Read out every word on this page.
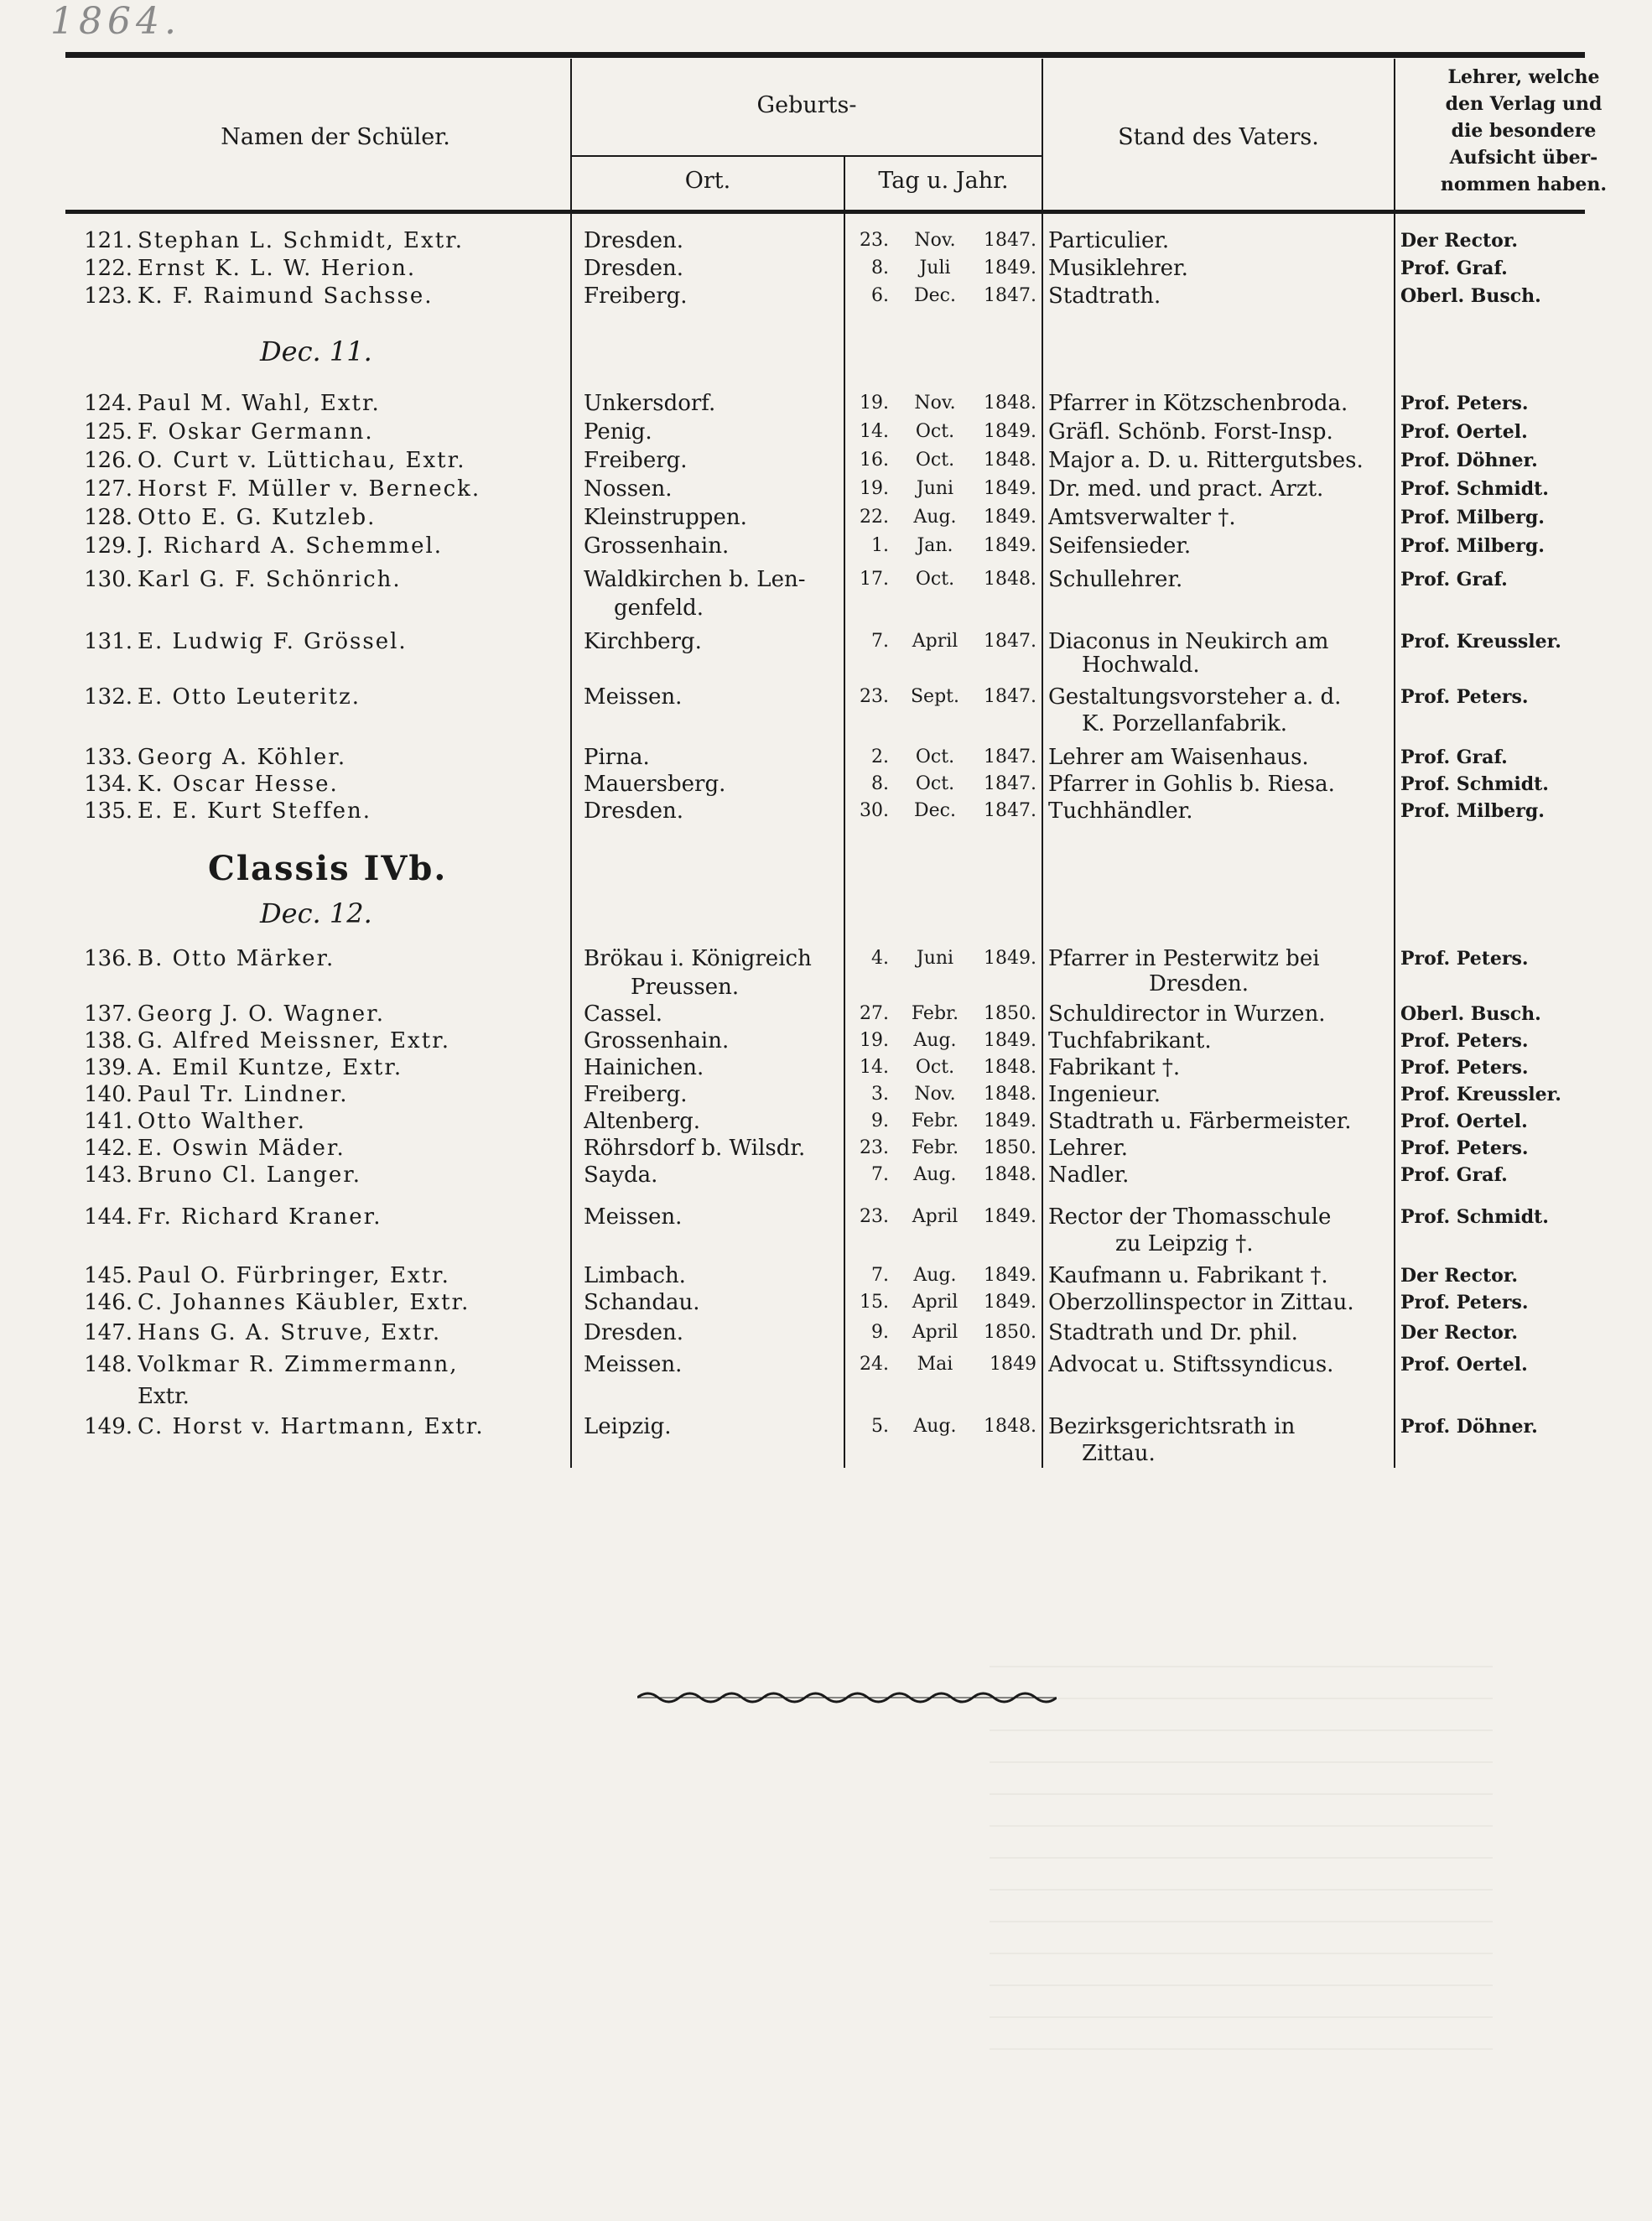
1864.
Namen der Schüler.
Geburts-
Ort.	Tag u. Jahr.
Stand des Vaters.
Lehrer, welche
den Verlag und
die besondere
Aufsicht über-
nommen haben.
121. Stephan L. Schmidt, Extr.	Dresden.	23.	Nov.	1847. Particulier.	Der Rector.
122. Ernst K. L. W. Herion.	Dresden.	8.	Juli	1849. Musiklehrer.	Prof. Graf.
123. K. F. Raimund Sachsse.	Freiberg.	6.	Dec.	1847. Stadtrath.	Oberl. Busch.
Dec. 11.
124. Paul M. Wahl, Extr.	Unkersdorf.	19.	Nov.	1848. Pfarrer in Kötzschenbroda.	Prof. Peters.
125. F. Oskar Germann.	Penig.	14.	Oct.	1849. Gräfl. Schönb. Forst-Insp.	Prof. Oertel.
126. O. Curt v. Lüttichau, Extr.	Freiberg.	16.	Oct.	1848. Major a. D. u. Rittergutsbes.	Prof. Döhner.
127. Horst F. Müller v. Berneck.	Nossen.	19.	Juni	1849. Dr. med. und pract. Arzt.	Prof. Schmidt.
128. Otto E. G. Kutzleb.	Kleinstruppen.	22.	Aug.	1849. Amtsverwalter †.	Prof. Milberg.
129. J. Richard A. Schemmel.	Grossenhain.	1.	Jan.	1849. Seifensieder.	Prof. Milberg.
130. Karl G. F. Schönrich.	Waldkirchen b. Len-	17.	Oct.	1848. Schullehrer.	Prof. Graf.
genfeld.
131. E. Ludwig F. Grössel.	Kirchberg.	7.	April	1847. Diaconus in Neukirch am	Prof. Kreussler.
Hochwald.
132. E. Otto Leuteritz.	Meissen.	23.	Sept.	1847. Gestaltungsvorsteher a. d.	Prof. Peters.
K. Porzellanfabrik.
133. Georg A. Köhler.	Pirna.	2.	Oct.	1847. Lehrer am Waisenhaus.	Prof. Graf.
134. K. Oscar Hesse.	Mauersberg.	8.	Oct.	1847. Pfarrer in Gohlis b. Riesa.	Prof. Schmidt.
135. E. E. Kurt Steffen.	Dresden.	30.	Dec.	1847. Tuchhändler.	Prof. Milberg.
Classis IVb.
Dec. 12.
136. B. Otto Märker.	Brökau i. Königreich	4.	Juni	1849. Pfarrer in Pesterwitz bei	Prof. Peters.
Preussen.	Dresden.
137. Georg J. O. Wagner.	Cassel.	27.	Febr.	1850. Schuldirector in Wurzen.	Oberl. Busch.
138. G. Alfred Meissner, Extr.	Grossenhain.	19.	Aug.	1849. Tuchfabrikant.	Prof. Peters.
139. A. Emil Kuntze, Extr.	Hainichen.	14.	Oct.	1848. Fabrikant †.	Prof. Peters.
140. Paul Tr. Lindner.	Freiberg.	3.	Nov.	1848. Ingenieur.	Prof. Kreussler.
141. Otto Walther.	Altenberg.	9.	Febr.	1849. Stadtrath u. Färbermeister.	Prof. Oertel.
142. E. Oswin Mäder.	Röhrsdorf b. Wilsdr.	23.	Febr.	1850. Lehrer.	Prof. Peters.
143. Bruno Cl. Langer.	Sayda.	7.	Aug.	1848. Nadler.	Prof. Graf.
144. Fr. Richard Kraner.	Meissen.	23.	April	1849. Rector der Thomasschule	Prof. Schmidt.
zu Leipzig †.
145. Paul O. Fürbringer, Extr.	Limbach.	7.	Aug.	1849. Kaufmann u. Fabrikant †.	Der Rector.
146. C. Johannes Käubler, Extr.	Schandau.	15.	April	1849. Oberzollinspector in Zittau.	Prof. Peters.
147. Hans G. A. Struve, Extr.	Dresden.	9.	April	1850. Stadtrath und Dr. phil.	Der Rector.
148. Volkmar R. Zimmermann,	Meissen.	24.	Mai	1849 Advocat u. Stiftssyndicus.	Prof. Oertel.
Extr.
149. C. Horst v. Hartmann, Extr.	Leipzig.	5.	Aug.	1848. Bezirksgerichtsrath in	Prof. Döhner.
Zittau.
